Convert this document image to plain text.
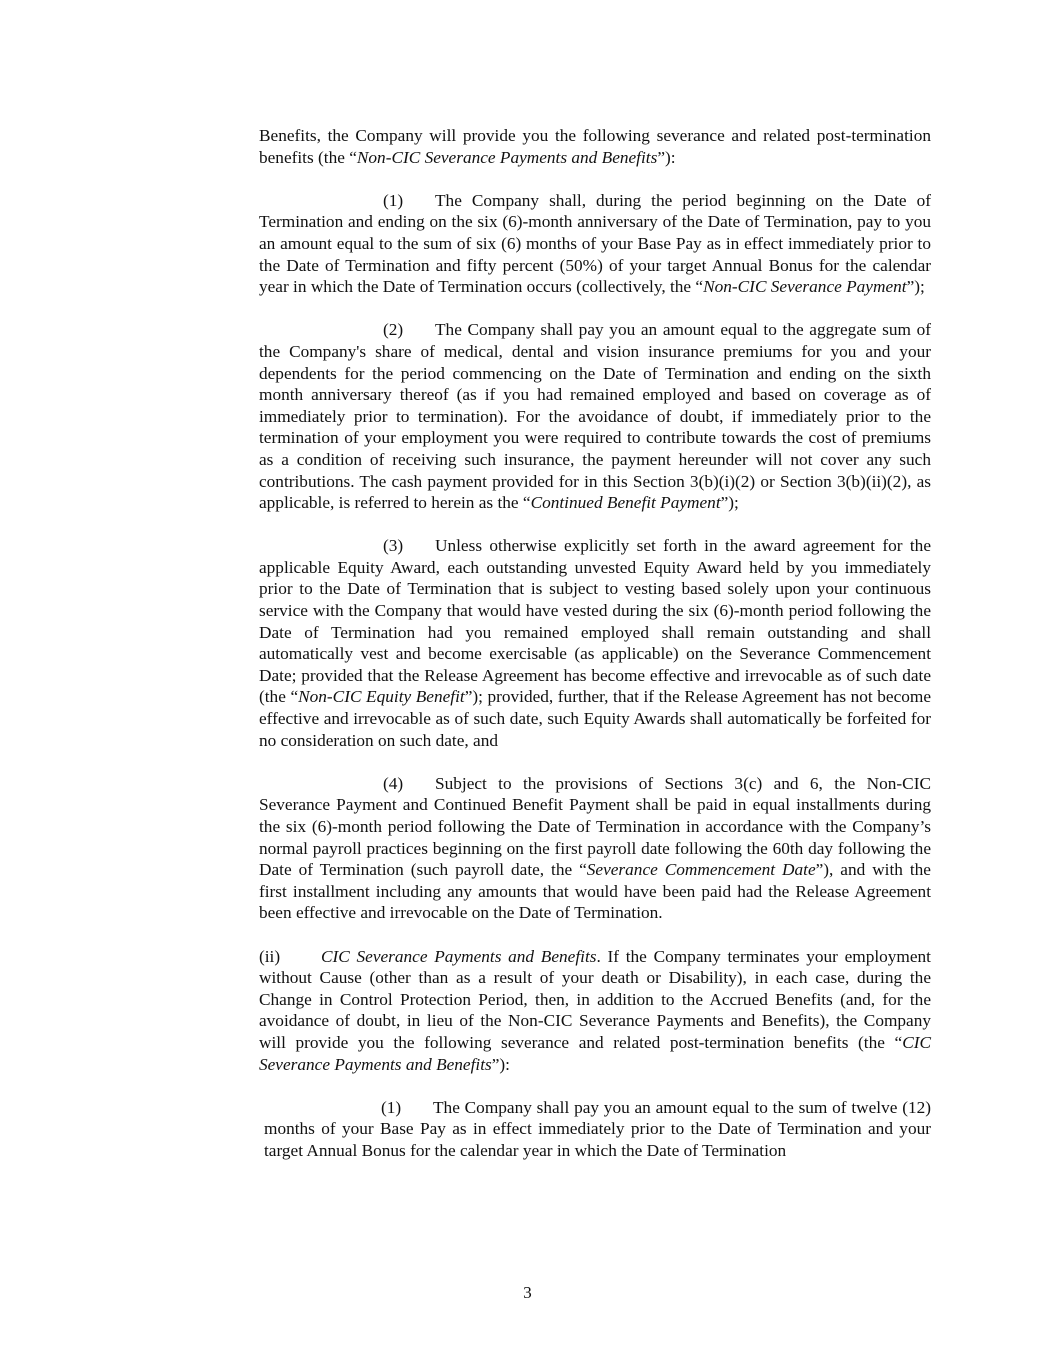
Benefits, the Company will provide you the following severance and related post-termination benefits (the “Non-CIC Severance Payments and Benefits”):

(1) The Company shall, during the period beginning on the Date of Termination and ending on the six (6)-month anniversary of the Date of Termination, pay to you an amount equal to the sum of six (6) months of your Base Pay as in effect immediately prior to the Date of Termination and fifty percent (50%) of your target Annual Bonus for the calendar year in which the Date of Termination occurs (collectively, the “Non-CIC Severance Payment”);

(2) The Company shall pay you an amount equal to the aggregate sum of the Company's share of medical, dental and vision insurance premiums for you and your dependents for the period commencing on the Date of Termination and ending on the sixth month anniversary thereof (as if you had remained employed and based on coverage as of immediately prior to termination). For the avoidance of doubt, if immediately prior to the termination of your employment you were required to contribute towards the cost of premiums as a condition of receiving such insurance, the payment hereunder will not cover any such contributions. The cash payment provided for in this Section 3(b)(i)(2) or Section 3(b)(ii)(2), as applicable, is referred to herein as the “Continued Benefit Payment”);

(3) Unless otherwise explicitly set forth in the award agreement for the applicable Equity Award, each outstanding unvested Equity Award held by you immediately prior to the Date of Termination that is subject to vesting based solely upon your continuous service with the Company that would have vested during the six (6)-month period following the Date of Termination had you remained employed shall remain outstanding and shall automatically vest and become exercisable (as applicable) on the Severance Commencement Date; provided that the Release Agreement has become effective and irrevocable as of such date (the “Non-CIC Equity Benefit”); provided, further, that if the Release Agreement has not become effective and irrevocable as of such date, such Equity Awards shall automatically be forfeited for no consideration on such date, and

(4) Subject to the provisions of Sections 3(c) and 6, the Non-CIC Severance Payment and Continued Benefit Payment shall be paid in equal installments during the six (6)-month period following the Date of Termination in accordance with the Company’s normal payroll practices beginning on the first payroll date following the 60th day following the Date of Termination (such payroll date, the “Severance Commencement Date”), and with the first installment including any amounts that would have been paid had the Release Agreement been effective and irrevocable on the Date of Termination.

(ii) CIC Severance Payments and Benefits. If the Company terminates your employment without Cause (other than as a result of your death or Disability), in each case, during the Change in Control Protection Period, then, in addition to the Accrued Benefits (and, for the avoidance of doubt, in lieu of the Non-CIC Severance Payments and Benefits), the Company will provide you the following severance and related post-termination benefits (the “CIC Severance Payments and Benefits”):

(1) The Company shall pay you an amount equal to the sum of twelve (12) months of your Base Pay as in effect immediately prior to the Date of Termination and your target Annual Bonus for the calendar year in which the Date of Termination

3
